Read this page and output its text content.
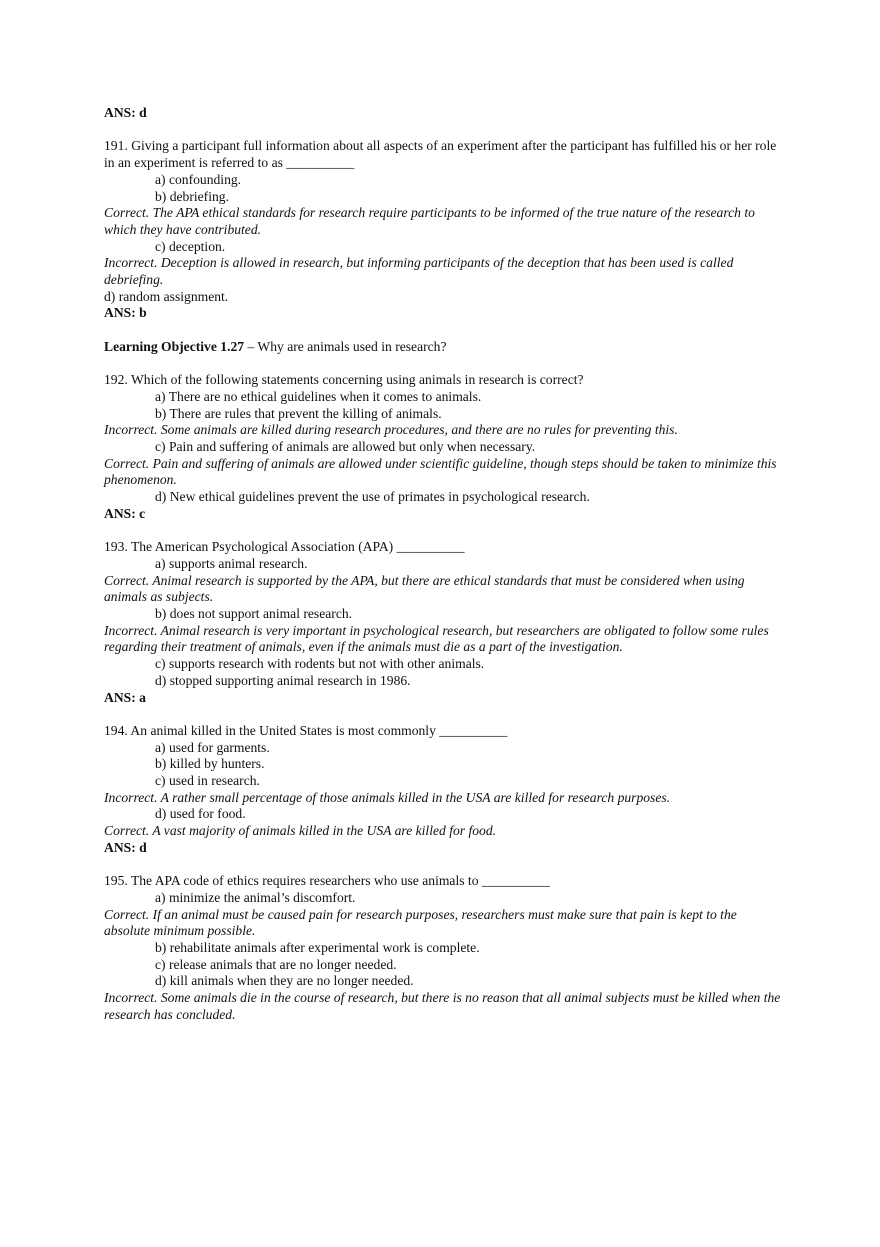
ANS: d
191. Giving a participant full information about all aspects of an experiment after the participant has fulfilled his or her role in an experiment is referred to as __________
a) confounding.
b) debriefing.
Correct. The APA ethical standards for research require participants to be informed of the true nature of the research to which they have contributed.
c) deception.
Incorrect. Deception is allowed in research, but informing participants of the deception that has been used is called debriefing.
d) random assignment.
ANS: b
Learning Objective 1.27 – Why are animals used in research?
192. Which of the following statements concerning using animals in research is correct?
a) There are no ethical guidelines when it comes to animals.
b) There are rules that prevent the killing of animals.
Incorrect. Some animals are killed during research procedures, and there are no rules for preventing this.
c) Pain and suffering of animals are allowed but only when necessary.
Correct. Pain and suffering of animals are allowed under scientific guideline, though steps should be taken to minimize this phenomenon.
d) New ethical guidelines prevent the use of primates in psychological research.
ANS: c
193. The American Psychological Association (APA) __________
a) supports animal research.
Correct. Animal research is supported by the APA, but there are ethical standards that must be considered when using animals as subjects.
b) does not support animal research.
Incorrect. Animal research is very important in psychological research, but researchers are obligated to follow some rules regarding their treatment of animals, even if the animals must die as a part of the investigation.
c) supports research with rodents but not with other animals.
d) stopped supporting animal research in 1986.
ANS: a
194. An animal killed in the United States is most commonly __________
a) used for garments.
b) killed by hunters.
c) used in research.
Incorrect. A rather small percentage of those animals killed in the USA are killed for research purposes.
d) used for food.
Correct. A vast majority of animals killed in the USA are killed for food.
ANS: d
195. The APA code of ethics requires researchers who use animals to __________
a) minimize the animal’s discomfort.
Correct. If an animal must be caused pain for research purposes, researchers must make sure that pain is kept to the absolute minimum possible.
b) rehabilitate animals after experimental work is complete.
c) release animals that are no longer needed.
d) kill animals when they are no longer needed.
Incorrect. Some animals die in the course of research, but there is no reason that all animal subjects must be killed when the research has concluded.
